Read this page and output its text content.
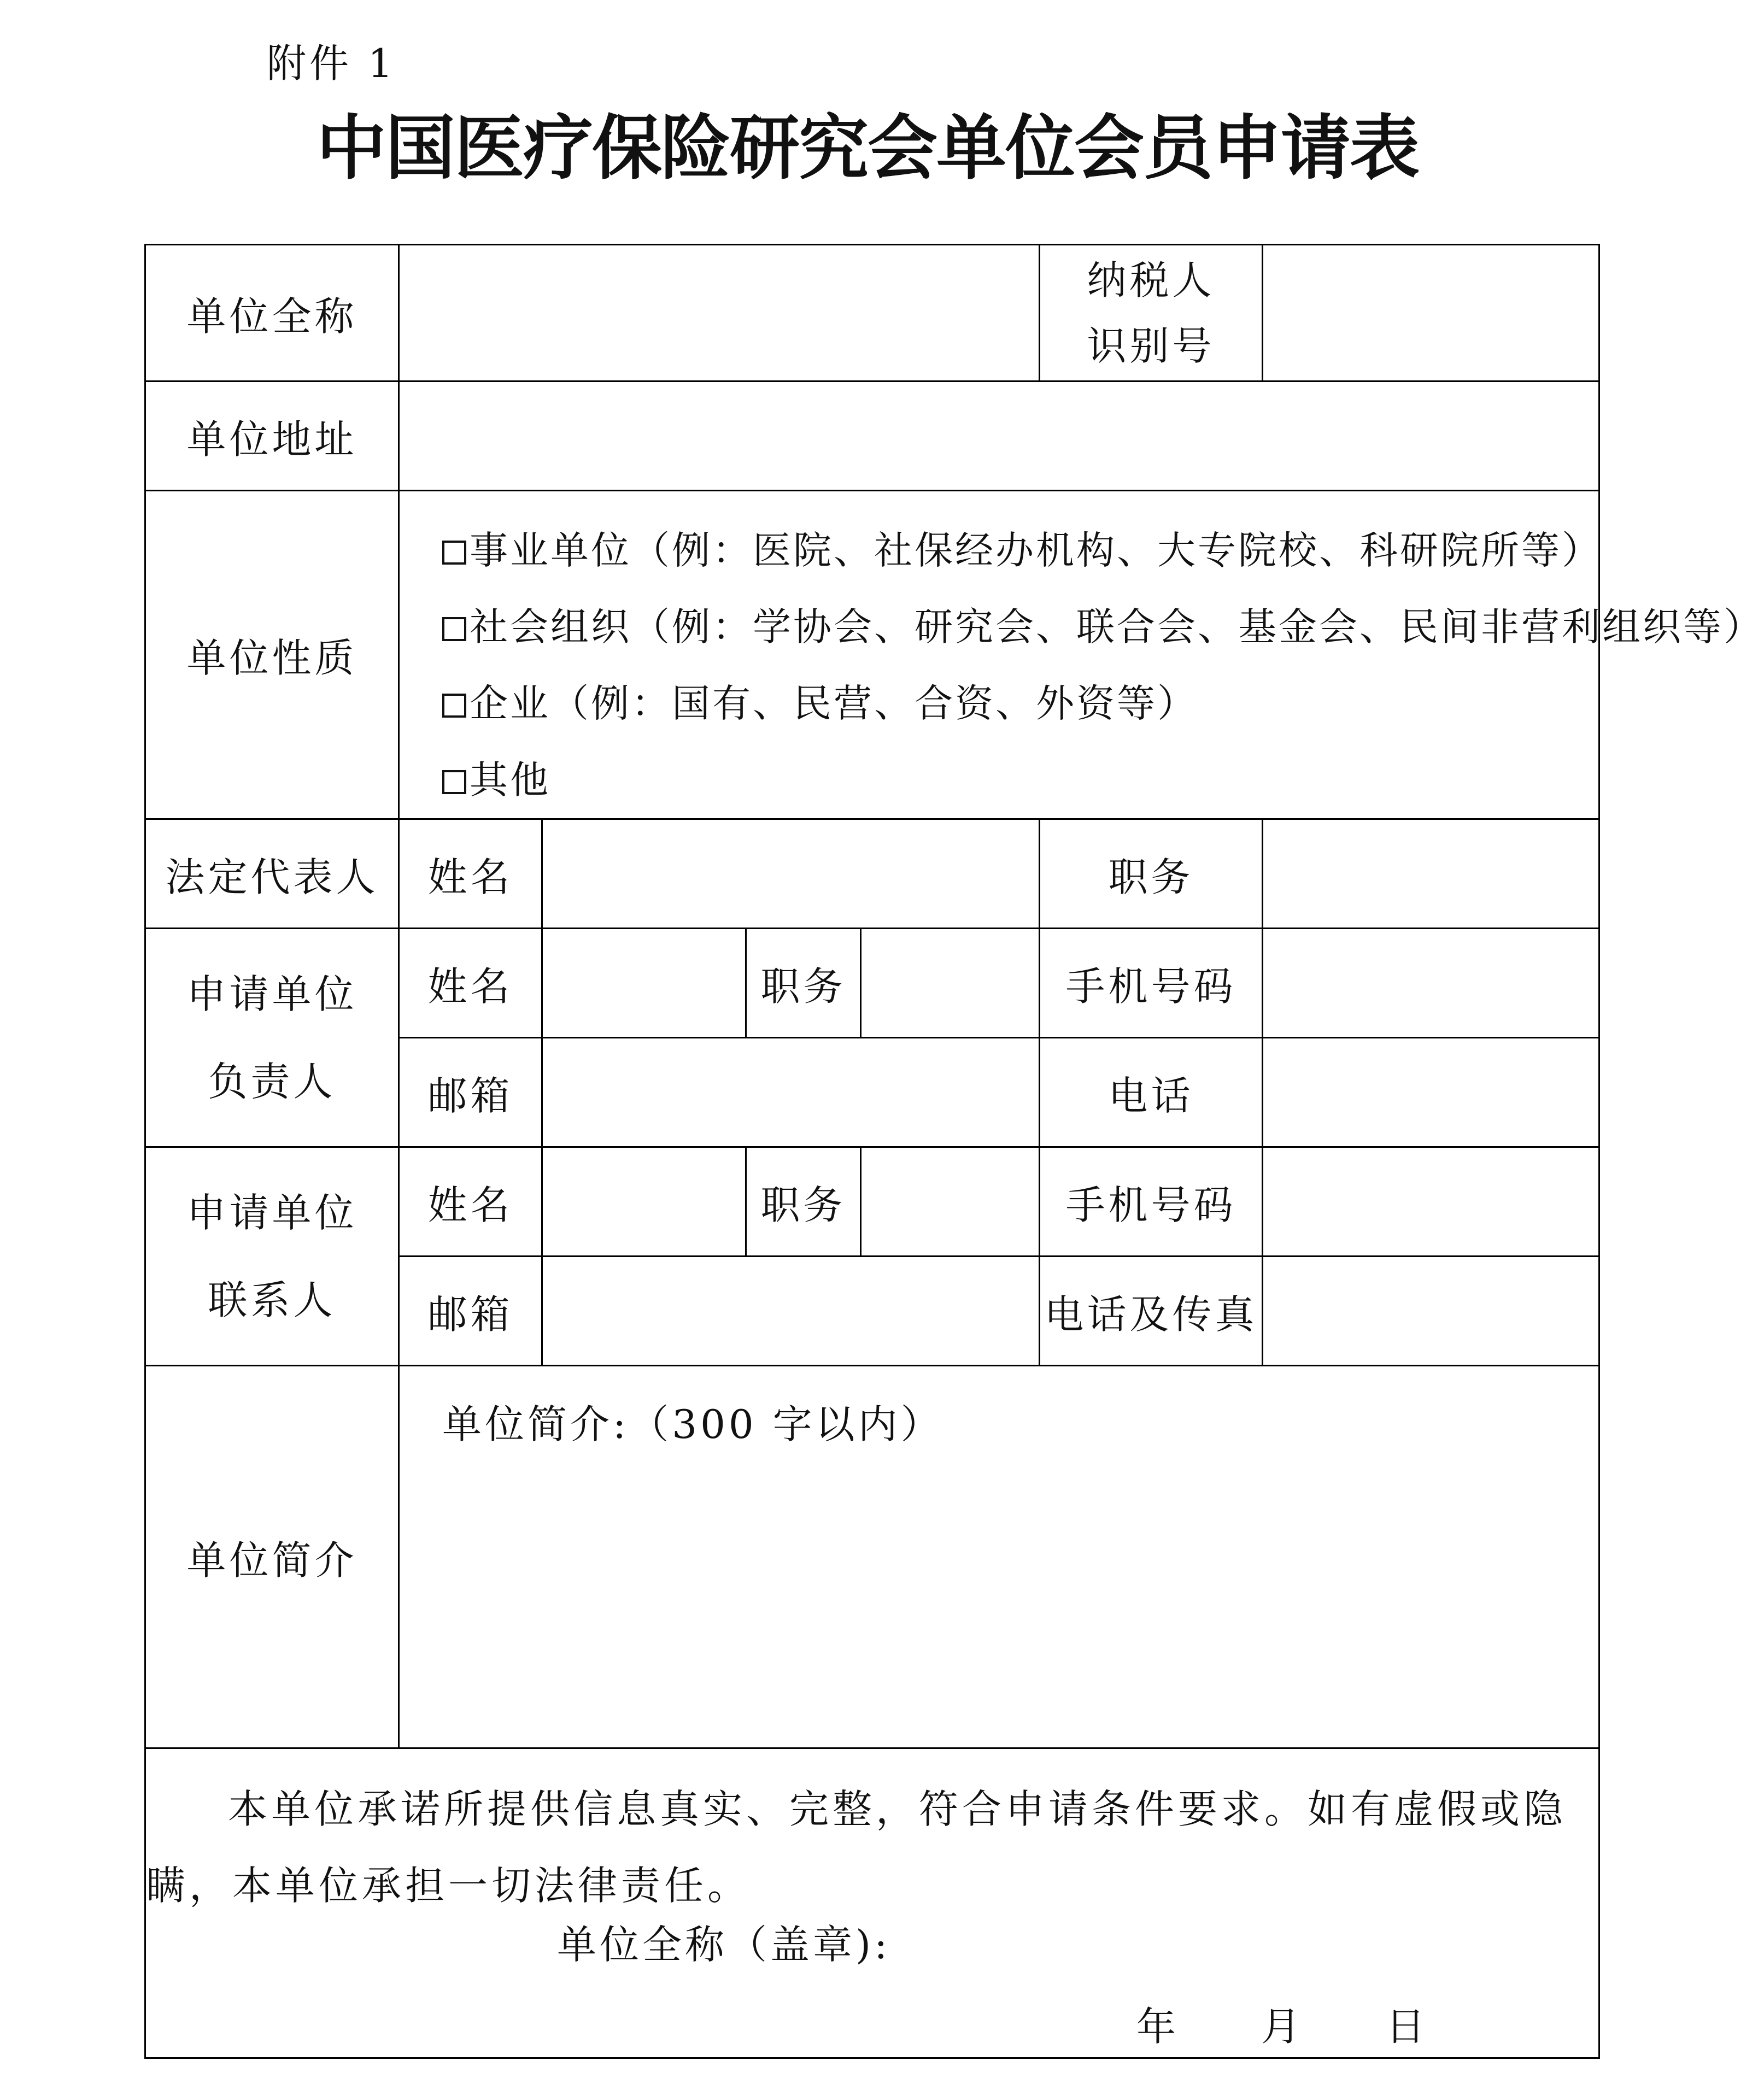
附件 1
中国医疗保险研究会单位会员申请表
单位全称					纳税人
识别号	

单位地址						
单位性质	事业单位（例：医院、社保经办机构、大专院校、科研院所等）
社会组织（例：学协会、研究会、联合会、基金会、民间非营利组织等）
企业（例：国有、民营、合资、外资等）
其他					

法定代表人	姓名				职务	

申请单位
负责人	姓名		职务		手机号码	
	邮箱				电话	

申请单位
联系人	姓名		职务		手机号码	
	邮箱				电话及传真	
单位简介	单位简介:（300 字以内）					

本单位承诺所提供信息真实、完整，符合申请条件要求。如有虚假或隐瞒，本单位承担一切法律责任。
单位全称（盖章):
年 月 日						
